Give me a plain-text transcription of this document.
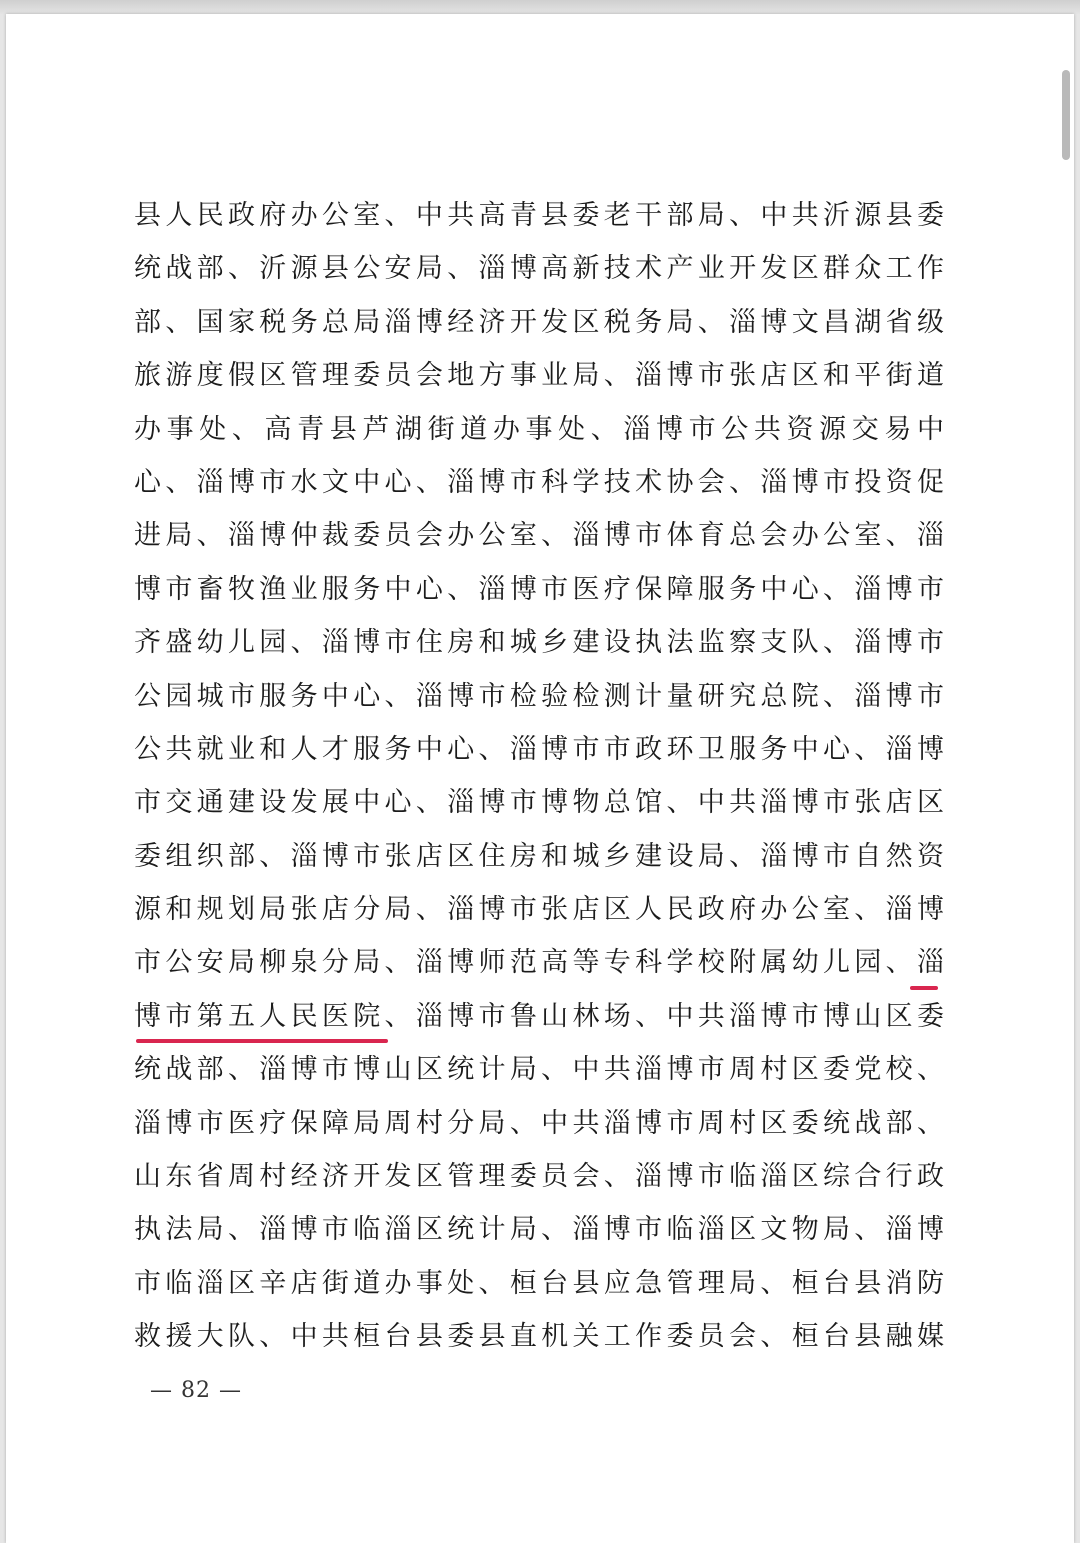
县人民政府办公室、中共高青县委老干部局、中共沂源县委
统战部、沂源县公安局、淄博高新技术产业开发区群众工作
部、国家税务总局淄博经济开发区税务局、淄博文昌湖省级
旅游度假区管理委员会地方事业局、淄博市张店区和平街道
办事处、高青县芦湖街道办事处、淄博市公共资源交易中
心、淄博市水文中心、淄博市科学技术协会、淄博市投资促
进局、淄博仲裁委员会办公室、淄博市体育总会办公室、淄
博市畜牧渔业服务中心、淄博市医疗保障服务中心、淄博市
齐盛幼儿园、淄博市住房和城乡建设执法监察支队、淄博市
公园城市服务中心、淄博市检验检测计量研究总院、淄博市
公共就业和人才服务中心、淄博市市政环卫服务中心、淄博
市交通建设发展中心、淄博市博物总馆、中共淄博市张店区
委组织部、淄博市张店区住房和城乡建设局、淄博市自然资
源和规划局张店分局、淄博市张店区人民政府办公室、淄博
市公安局柳泉分局、淄博师范高等专科学校附属幼儿园、淄
博市第五人民医院、淄博市鲁山林场、中共淄博市博山区委
统战部、淄博市博山区统计局、中共淄博市周村区委党校、
淄博市医疗保障局周村分局、中共淄博市周村区委统战部、
山东省周村经济开发区管理委员会、淄博市临淄区综合行政
执法局、淄博市临淄区统计局、淄博市临淄区文物局、淄博
市临淄区辛店街道办事处、桓台县应急管理局、桓台县消防
救援大队、中共桓台县委县直机关工作委员会、桓台县融媒
— 82 —
